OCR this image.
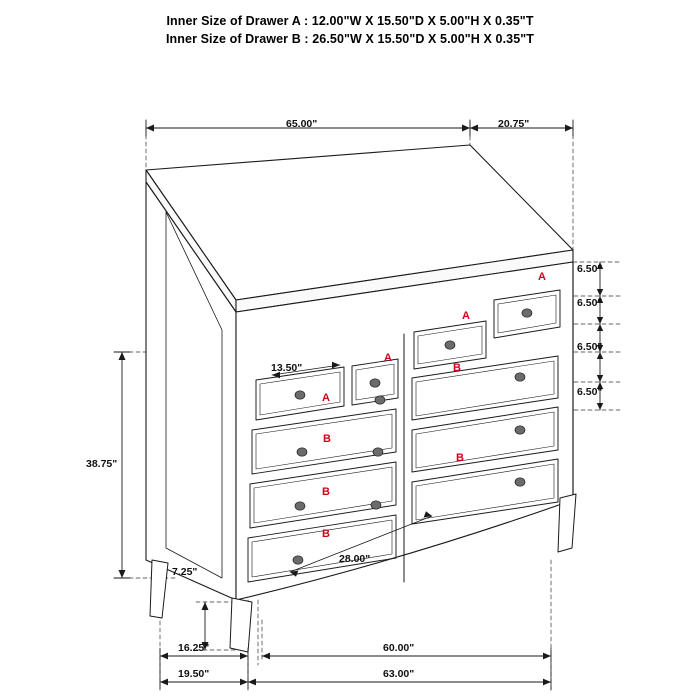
Inner Size of Drawer A : 12.00"W X 15.50"D X 5.00"H X 0.35"T
Inner Size of Drawer B : 26.50"W X 15.50"D X 5.00"H X 0.35"T
65.00"	20.75"
6.50"
6.50"
6.50"
6.50"
38.75"
7.25"
13.50"
28.00"
16.25"	60.00"
19.50"	63.00"
A
A
A
A
B
B
B
B
B
